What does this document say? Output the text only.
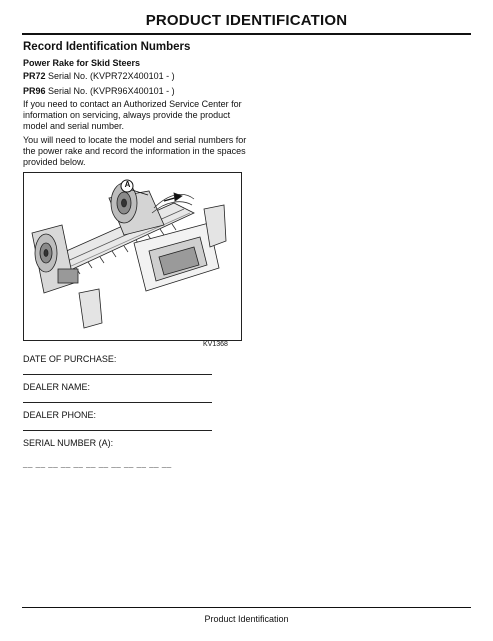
PRODUCT IDENTIFICATION
Record Identification Numbers
Power Rake for Skid Steers
PR72 Serial No. (KVPR72X400101 - )
PR96 Serial No. (KVPR96X400101 - )
If you need to contact an Authorized Service Center for information on servicing, always provide the product model and serial number.
You will need to locate the model and serial numbers for the power rake and record the information in the spaces provided below.
A
KV1368
DATE OF PURCHASE:
DEALER NAME:
DEALER PHONE:
SERIAL NUMBER (A):
__ __ __ __ __ __ __ __ __ __ __ __
Product Identification
